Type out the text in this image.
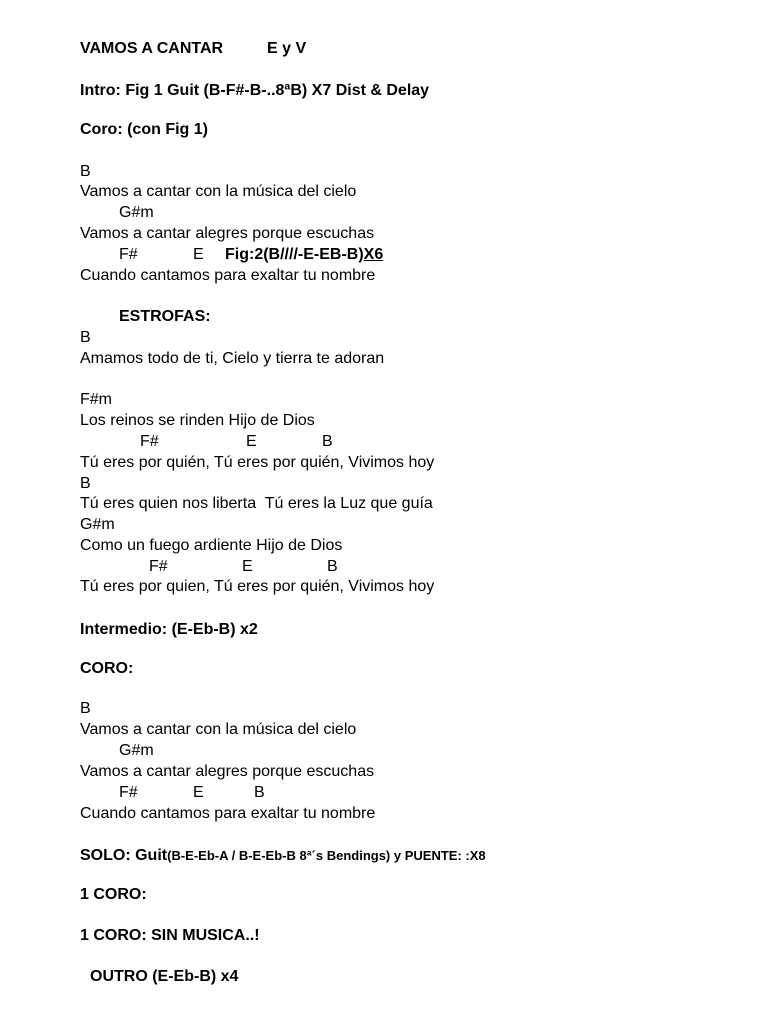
VAMOS A CANTAR	E y V
Intro: Fig 1 Guit (B-F#-B-..8ªB) X7 Dist & Delay
Coro: (con Fig 1)
B
Vamos a cantar con la música del cielo
G#m
Vamos a cantar alegres porque escuchas
F#	E Fig:2(B////-E-EB-B)X6
Cuando cantamos para exaltar tu nombre
ESTROFAS:
B
Amamos todo de ti, Cielo y tierra te adoran
F#m
Los reinos se rinden Hijo de Dios
F#	E	B
Tú eres por quién, Tú eres por quién, Vivimos hoy
B
Tú eres quien nos liberta  Tú eres la Luz que guía
G#m
Como un fuego ardiente Hijo de Dios
F#	E	B
Tú eres por quien, Tú eres por quién, Vivimos hoy
Intermedio: (E-Eb-B) x2
CORO:
B
Vamos a cantar con la música del cielo
G#m
Vamos a cantar alegres porque escuchas
F#	E	B
Cuando cantamos para exaltar tu nombre
SOLO: Guit(B-E-Eb-A / B-E-Eb-B 8ª´s Bendings) y PUENTE: :X8
1 CORO:
1 CORO: SIN MUSICA..!
OUTRO (E-Eb-B) x4
